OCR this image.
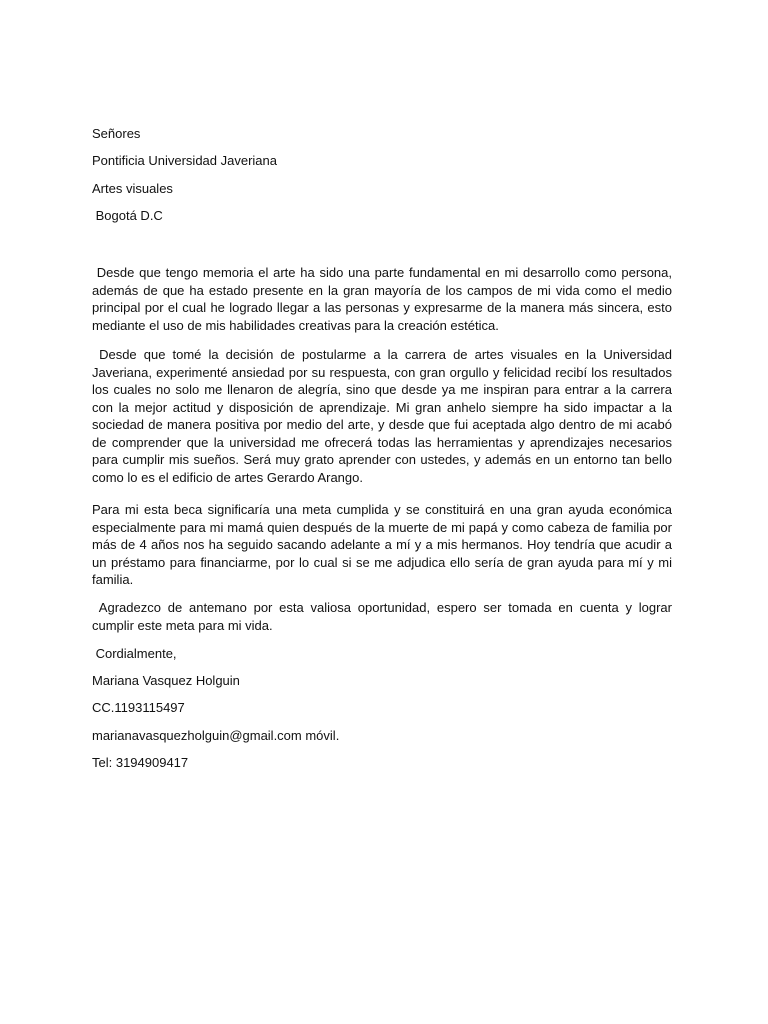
Señores
Pontificia Universidad Javeriana
Artes visuales
Bogotá D.C
Desde que tengo memoria el arte ha sido una parte fundamental en mi desarrollo como persona, además de que ha estado presente en la gran mayoría de los campos de mi vida como el medio principal por el cual he logrado llegar a las personas y expresarme de la manera más sincera, esto mediante el uso de mis habilidades creativas para la creación estética.
Desde que tomé la decisión de postularme a la carrera de artes visuales en la Universidad Javeriana, experimenté ansiedad por su respuesta, con gran orgullo y felicidad recibí los resultados los cuales no solo me llenaron de alegría, sino que desde ya me inspiran para entrar a la carrera con la mejor actitud y disposición de aprendizaje. Mi gran anhelo siempre ha sido impactar a la sociedad de manera positiva por medio del arte, y desde que fui aceptada algo dentro de mi acabó de comprender que la universidad me ofrecerá todas las herramientas y aprendizajes necesarios para cumplir mis sueños. Será muy grato aprender con ustedes, y además en un entorno tan bello como lo es el edificio de artes Gerardo Arango.
Para mi esta beca significaría una meta cumplida y se constituirá en una gran ayuda económica especialmente para mi mamá quien después de la muerte de mi papá y como cabeza de familia por más de 4 años nos ha seguido sacando adelante a mí y a mis hermanos. Hoy tendría que acudir a un préstamo para financiarme, por lo cual si se me adjudica ello sería de gran ayuda para mí y mi familia.
Agradezco de antemano por esta valiosa oportunidad, espero ser tomada en cuenta y lograr cumplir este meta para mi vida.
Cordialmente,
Mariana Vasquez Holguin
CC.1193115497
marianavasquezholguin@gmail.com móvil.
Tel: 3194909417
